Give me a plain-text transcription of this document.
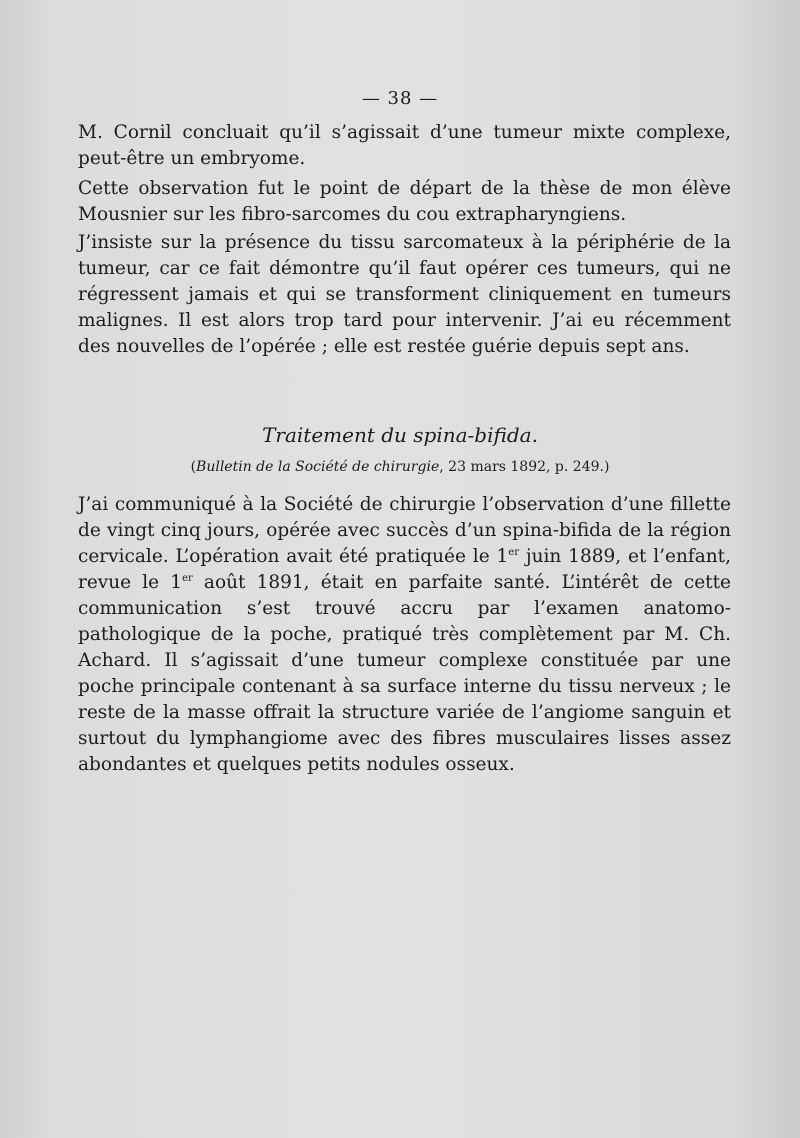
— 38 —

M. Cornil concluait qu’il s’agissait d’une tumeur mixte complexe, peut-être un embryome.

Cette observation fut le point de départ de la thèse de mon élève Mousnier sur les fibro-sarcomes du cou extrapharyngiens.

J’insiste sur la présence du tissu sarcomateux à la périphérie de la tumeur, car ce fait démontre qu’il faut opérer ces tumeurs, qui ne régressent jamais et qui se transforment cliniquement en tumeurs malignes. Il est alors trop tard pour intervenir. J’ai eu récemment des nouvelles de l’opérée ; elle est restée guérie depuis sept ans.

Traitement du spina-bifida.
(Bulletin de la Société de chirurgie, 23 mars 1892, p. 249.)

J’ai communiqué à la Société de chirurgie l’observation d’une fillette de vingt cinq jours, opérée avec succès d’un spina-bifida de la région cervicale. L’opération avait été pratiquée le 1er juin 1889, et l’enfant, revue le 1er août 1891, était en parfaite santé. L’intérêt de cette communication s’est trouvé accru par l’examen anatomo-pathologique de la poche, pratiqué très complètement par M. Ch. Achard. Il s’agissait d’une tumeur complexe constituée par une poche principale contenant à sa surface interne du tissu nerveux ; le reste de la masse offrait la structure variée de l’angiome sanguin et surtout du lymphangiome avec des fibres musculaires lisses assez abondantes et quelques petits nodules osseux.
